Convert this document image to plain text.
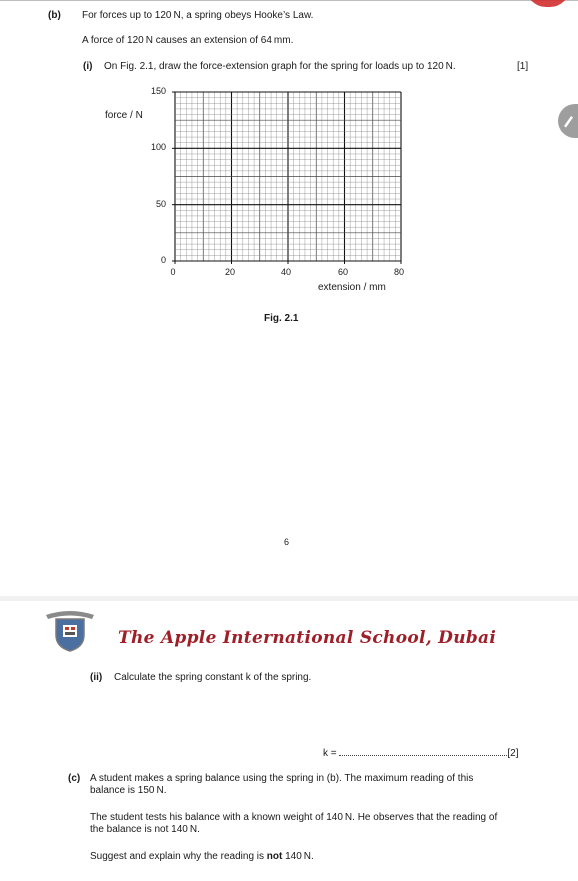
(b) For forces up to 120 N, a spring obeys Hooke’s Law.
A force of 120 N causes an extension of 64 mm.
(i) On Fig. 2.1, draw the force-extension graph for the spring for loads up to 120 N.	[1]
force / N
150
100
50
0
0	20	40	60	80
extension / mm
Fig. 2.1
6
The Apple International School, Dubai
(ii) Calculate the spring constant k of the spring.
k =	[2]
(c) A student makes a spring balance using the spring in (b). The maximum reading of this
balance is 150 N.
The student tests his balance with a known weight of 140 N. He observes that the reading of
the balance is not 140 N.
Suggest and explain why the reading is not 140 N.
